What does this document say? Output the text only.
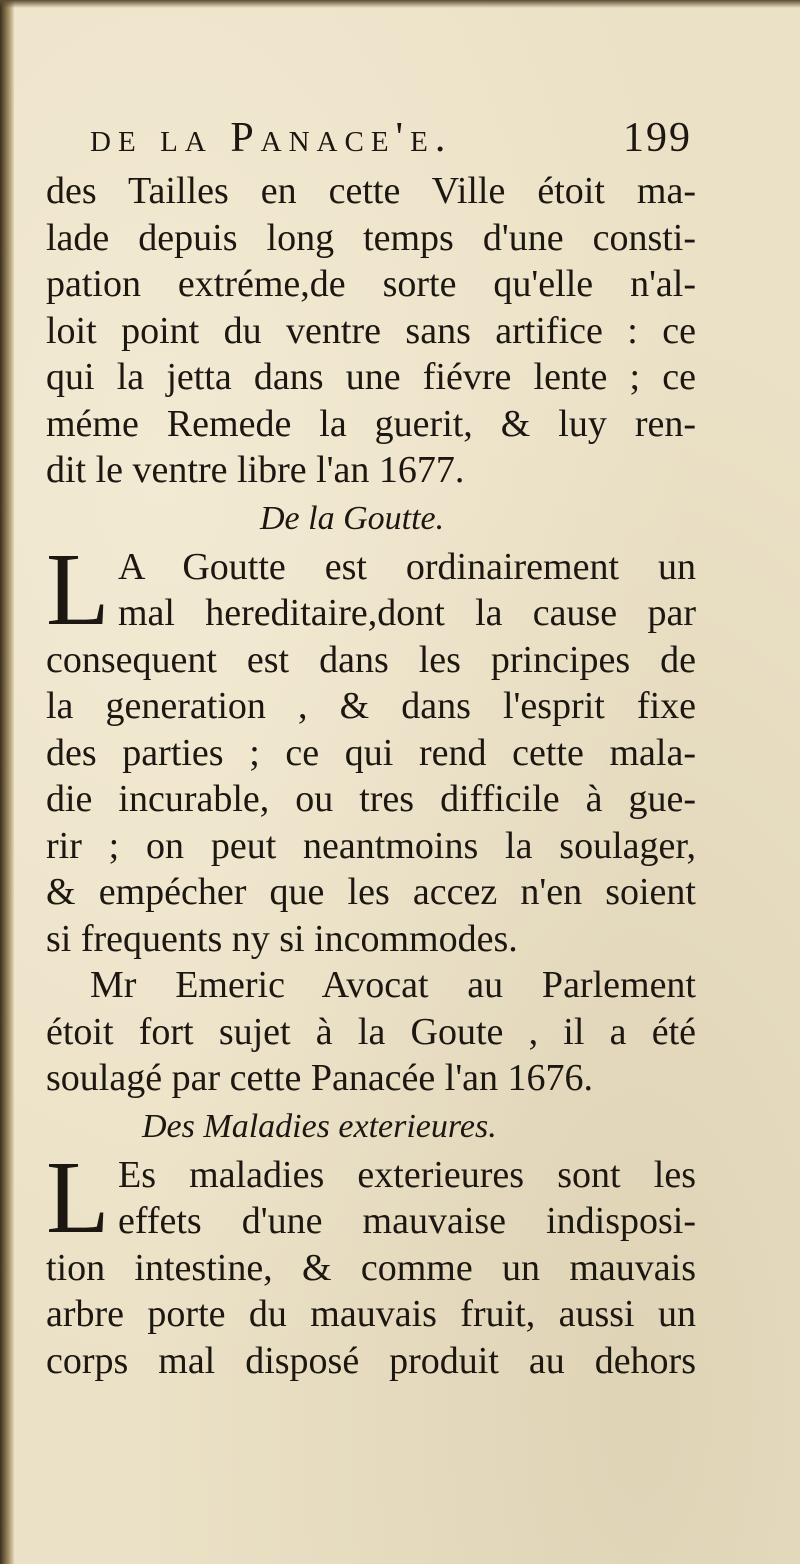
de la Panace'e.	199
des Tailles en cette Ville étoit ma-
lade depuis long temps d'une consti-
pation extréme,de sorte qu'elle n'al-
loit point du ventre sans artifice : ce
qui la jetta dans une fiévre lente ; ce
méme Remede la guerit, & luy ren-
dit le ventre libre l'an 1677.
De la Goutte.
L A Goutte est ordinairement un
mal hereditaire,dont la cause par
consequent est dans les principes de
la generation , & dans l'esprit fixe
des parties ; ce qui rend cette mala-
die incurable, ou tres difficile à gue-
rir ; on peut neantmoins la soulager,
& empécher que les accez n'en soient
si frequents ny si incommodes.
Mr Emeric Avocat au Parlement
étoit fort sujet à la Goute , il a été
soulagé par cette Panacée l'an 1676.
Des Maladies exterieures.
L Es maladies exterieures sont les
effets d'une mauvaise indisposi-
tion intestine, & comme un mauvais
arbre porte du mauvais fruit, aussi un
corps mal disposé produit au dehors
